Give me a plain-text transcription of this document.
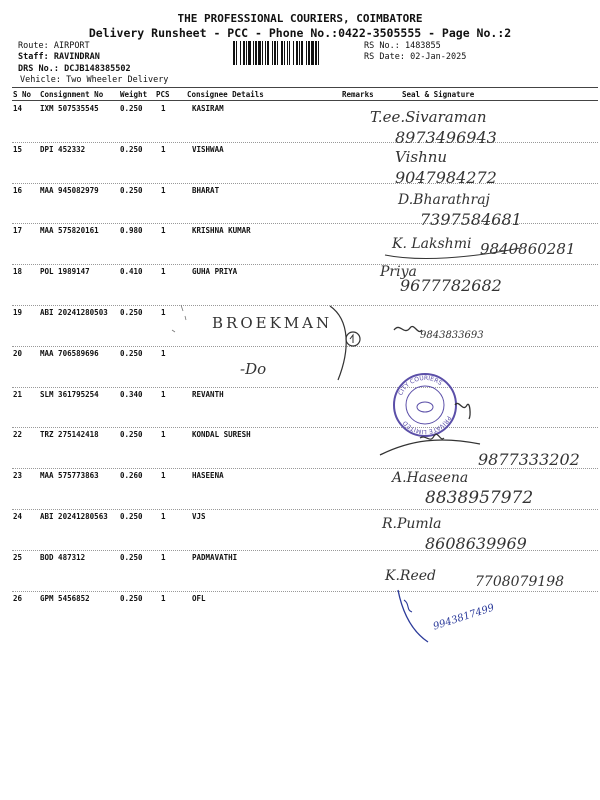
THE PROFESSIONAL COURIERS, COIMBATORE
Delivery Runsheet - PCC - Phone No.:0422-3505555 - Page No.:2
Route: AIRPORT
Staff: RAVINDRAN
DRS No.: DCJB148385502
Vehicle: Two Wheeler Delivery
RS No.: 1483855
RS Date: 02-Jan-2025
S No Consignment No Weight PCS Consignee Details	Remarks	Seal & Signature
14 IXM 507535545	0.250 1	KASIRAM
15 DPI 452332	0.250 1	VISHWAA
16 MAA 945082979	0.250 1	BHARAT
17 MAA 575820161	0.980 1	KRISHNA KUMAR
18 POL 1989147	0.410 1	GUHA PRIYA
19 ABI 20241280503 0.250 1
20 MAA 706589696	0.250 1
21 SLM 361795254	0.340 1	REVANTH
22 TRZ 275142418	0.250 1	KONDAL SURESH
23 MAA 575773863	0.260 1	HASEENA
24 ABI 20241280563 0.250 1	VJS
25 BOD 487312	0.250 1	PADMAVATHI
26 GPM 5456852	0.250 1	OFL
T.ee.Sivaraman
8973496943
Vishnu
9047984272
D.Bharathraj
7397584681
K. Lakshmi 9840860281
Priya
9677782682
BROEKMAN
9843833693
-Do
9877333202
A.Haseena
8838957972
R.Pumla
8608639969
K.Reed	7708079198
9943817499
CITY COURIERS
PRIVATE LIMITED
